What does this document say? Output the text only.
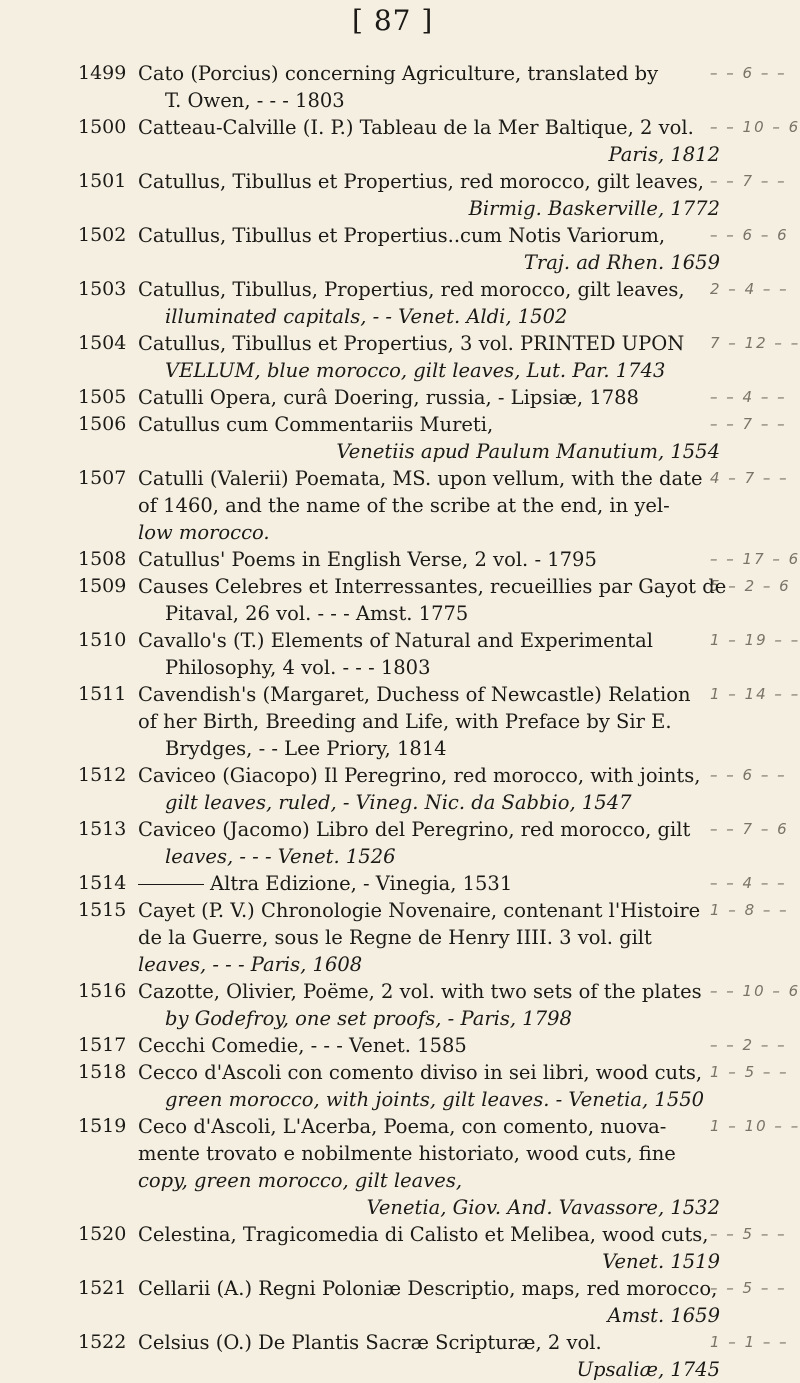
[ 87 ]
1499	– – 6 – –
Cato (Porcius) concerning Agriculture, translated by
T. Owen, - - - 1803
1500	– – 10 – 6
Catteau-Calville (I. P.) Tableau de la Mer Baltique, 2 vol.
Paris, 1812
1501	– – 7 – –
Catullus, Tibullus et Propertius, red morocco, gilt leaves,
Birmig. Baskerville, 1772
1502	– – 6 – 6
Catullus, Tibullus et Propertius..cum Notis Variorum,
Traj. ad Rhen. 1659
1503	2 – 4 – –
Catullus, Tibullus, Propertius, red morocco, gilt leaves,
illuminated capitals, - - Venet. Aldi, 1502
1504	7 – 12 – –
Catullus, Tibullus et Propertius, 3 vol. PRINTED UPON
VELLUM, blue morocco, gilt leaves, Lut. Par. 1743
1505	– – 4 – –
Catulli Opera, curâ Doering, russia, - Lipsiæ, 1788
1506	– – 7 – –
Catullus cum Commentariis Mureti,
Venetiis apud Paulum Manutium, 1554
1507	4 – 7 – –
Catulli (Valerii) Poemata, MS. upon vellum, with the date
of 1460, and the name of the scribe at the end, in yel-
low morocco.
1508	– – 17 – 6
Catullus' Poems in English Verse, 2 vol. - 1795
1509	5 – 2 – 6
Causes Celebres et Interressantes, recueillies par Gayot de
Pitaval, 26 vol. - - - Amst. 1775
1510	1 – 19 – –
Cavallo's (T.) Elements of Natural and Experimental
Philosophy, 4 vol. - - - 1803
1511	1 – 14 – –
Cavendish's (Margaret, Duchess of Newcastle) Relation
of her Birth, Breeding and Life, with Preface by Sir E.
Brydges, - - Lee Priory, 1814
1512	– – 6 – –
Caviceo (Giacopo) Il Peregrino, red morocco, with joints,
gilt leaves, ruled, - Vineg. Nic. da Sabbio, 1547
1513	– – 7 – 6
Caviceo (Jacomo) Libro del Peregrino, red morocco, gilt
leaves, - - - Venet. 1526
1514	– – 4 – –
Altra Edizione, - Vinegia, 1531
1515	1 – 8 – –
Cayet (P. V.) Chronologie Novenaire, contenant l'Histoire
de la Guerre, sous le Regne de Henry IIII. 3 vol. gilt
leaves, - - - Paris, 1608
1516	– – 10 – 6
Cazotte, Olivier, Poëme, 2 vol. with two sets of the plates
by Godefroy, one set proofs, - Paris, 1798
1517	– – 2 – –
Cecchi Comedie, - - - Venet. 1585
1518	1 – 5 – –
Cecco d'Ascoli con comento diviso in sei libri, wood cuts,
green morocco, with joints, gilt leaves. - Venetia, 1550
1519	1 – 10 – –
Ceco d'Ascoli, L'Acerba, Poema, con comento, nuova-
mente trovato e nobilmente historiato, wood cuts, fine
copy, green morocco, gilt leaves,
Venetia, Giov. And. Vavassore, 1532
1520	– – 5 – –
Celestina, Tragicomedia di Calisto et Melibea, wood cuts,
Venet. 1519
1521	– – 5 – –
Cellarii (A.) Regni Poloniæ Descriptio, maps, red morocco,
Amst. 1659
1522	1 – 1 – –
Celsius (O.) De Plantis Sacræ Scripturæ, 2 vol.
Upsaliæ, 1745
